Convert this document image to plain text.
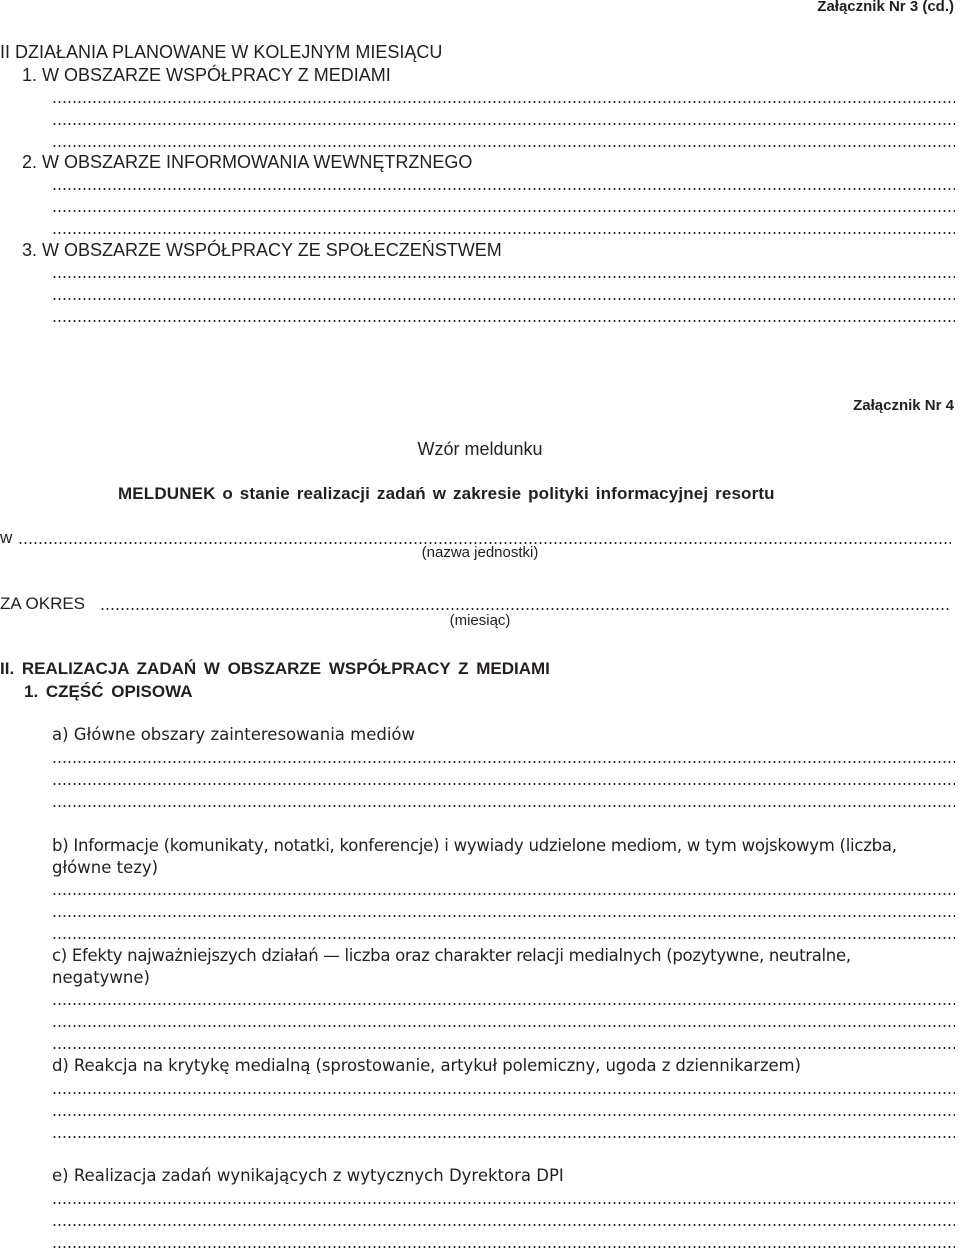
Załącznik Nr 3 (cd.)
II DZIAŁANIA PLANOWANE W KOLEJNYM MIESIĄCU
1. W OBSZARZE WSPÓŁPRACY Z MEDIAMI
2. W OBSZARZE INFORMOWANIA WEWNĘTRZNEGO
3. W OBSZARZE WSPÓŁPRACY ZE SPOŁECZEŃSTWEM
Załącznik Nr 4
Wzór meldunku
MELDUNEK o stanie realizacji zadań w zakresie polityki informacyjnej resortu
w
(nazwa jednostki)
ZA OKRES
(miesiąc)
II. REALIZACJA ZADAŃ W OBSZARZE WSPÓŁPRACY Z MEDIAMI
1. CZĘŚĆ OPISOWA
a) Główne obszary zainteresowania mediów
b) Informacje (komunikaty, notatki, konferencje) i wywiady udzielone mediom, w tym wojskowym (liczba,
główne tezy)
c) Efekty najważniejszych działań — liczba oraz charakter relacji medialnych (pozytywne, neutralne,
negatywne)
d) Reakcja na krytykę medialną (sprostowanie, artykuł polemiczny, ugoda z dziennikarzem)
e) Realizacja zadań wynikających z wytycznych Dyrektora DPI
